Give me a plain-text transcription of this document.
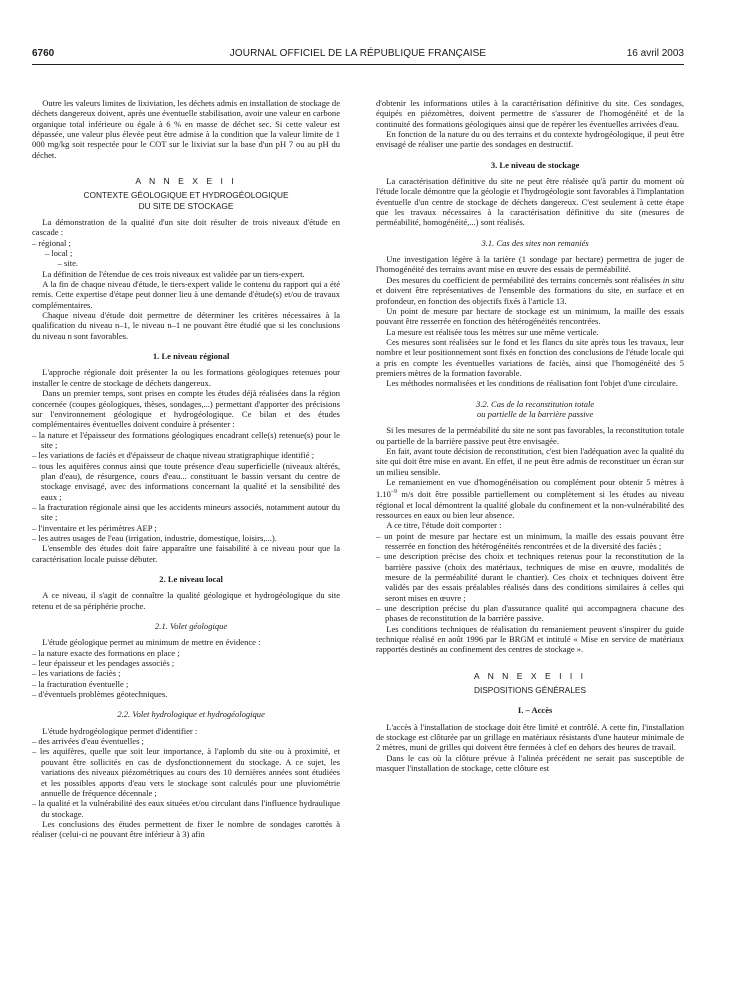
6760	JOURNAL OFFICIEL DE LA RÉPUBLIQUE FRANÇAISE	16 avril 2003

Outre les valeurs limites de lixiviation, les déchets admis en installation de stockage de déchets dangereux doivent, après une éventuelle stabilisation, avoir une valeur en carbone organique total inférieure ou égale à 6 % en masse de déchet sec. Si cette valeur est dépassée, une valeur plus élevée peut être admise à la condition que la valeur limite de 1 000 mg/kg soit respectée pour le COT sur le lixiviat sur la base d'un pH 7 ou au pH du déchet.

A N N E X E I I
CONTEXTE GÉOLOGIQUE ET HYDROGÉOLOGIQUE
DU SITE DE STOCKAGE

La démonstration de la qualité d'un site doit résulter de trois niveaux d'étude en cascade :

– régional ;

– local ;

– site.

La définition de l'étendue de ces trois niveaux est validée par un tiers-expert.

A la fin de chaque niveau d'étude, le tiers-expert valide le contenu du rapport qui a été remis. Cette expertise d'étape peut donner lieu à une demande d'étude(s) et/ou de travaux complémentaires.

Chaque niveau d'étude doit permettre de déterminer les critères nécessaires à la qualification du niveau n–1, le niveau n–1 ne pouvant être étudié que si les conclusions du niveau n sont favorables.

1. Le niveau régional

L'approche régionale doit présenter la ou les formations géologiques retenues pour installer le centre de stockage de déchets dangereux.

Dans un premier temps, sont prises en compte les études déjà réalisées dans la région concernée (coupes géologiques, thèses, sondages,...) permettant d'apporter des précisions sur l'environnement géologique et hydrogéologique. Ce bilan et des études complémentaires éventuelles doivent conduire à présenter :

– la nature et l'épaisseur des formations géologiques encadrant celle(s) retenue(s) pour le site ;

– les variations de faciès et d'épaisseur de chaque niveau stratigraphique identifié ;

– tous les aquifères connus ainsi que toute présence d'eau superficielle (niveaux altérés, plan d'eau), de résurgence, cours d'eau... constituant le bassin versant du centre de stockage envisagé, avec des informations concernant la qualité et la sensibilité des eaux ;

– la fracturation régionale ainsi que les accidents mineurs associés, notamment autour du site ;

– l'inventaire et les périmètres AEP ;

– les autres usages de l'eau (irrigation, industrie, domestique, loisirs,...).

L'ensemble des études doit faire apparaître une faisabilité à ce niveau pour que la caractérisation locale puisse débuter.

2. Le niveau local

A ce niveau, il s'agit de connaître la qualité géologique et hydrogéologique du site retenu et de sa périphérie proche.

2.1. Volet géologique

L'étude géologique permet au minimum de mettre en évidence :

– la nature exacte des formations en place ;

– leur épaisseur et les pendages associés ;

– les variations de faciès ;

– la fracturation éventuelle ;

– d'éventuels problèmes géotechniques.

2.2. Volet hydrologique et hydrogéologique

L'étude hydrogéologique permet d'identifier :

– des arrivées d'eau éventuelles ;

– les aquifères, quelle que soit leur importance, à l'aplomb du site ou à proximité, et pouvant être sollicités en cas de dysfonctionnement du stockage. A ce sujet, les variations des niveaux piézométriques au cours des 10 dernières années sont étudiées et les possibles apports d'eau vers le stockage sont calculés pour une pluviométrie annuelle de fréquence décennale ;

– la qualité et la vulnérabilité des eaux situées et/ou circulant dans l'influence hydraulique du stockage.

Les conclusions des études permettent de fixer le nombre de sondages carottés à réaliser (celui-ci ne pouvant être inférieur à 3) afin

d'obtenir les informations utiles à la caractérisation définitive du site. Ces sondages, équipés en piézomètres, doivent permettre de s'assurer de l'homogénéité et de la continuité des formations géologiques ainsi que de repérer les éventuelles arrivées d'eau.

En fonction de la nature du ou des terrains et du contexte hydrogéologique, il peut être envisagé de réaliser une partie des sondages en destructif.

3. Le niveau de stockage

La caractérisation définitive du site ne peut être réalisée qu'à partir du moment où l'étude locale démontre que la géologie et l'hydrogéologie sont favorables à l'implantation éventuelle d'un centre de stockage de déchets dangereux. C'est seulement à cette étape que les travaux nécessaires à la caractérisation définitive du site (mesures de perméabilité, homogénéité,...) sont réalisés.

3.1. Cas des sites non remaniés

Une investigation légère à la tarière (1 sondage par hectare) permettra de juger de l'homogénéité des terrains avant mise en œuvre des essais de perméabilité.

Des mesures du coefficient de perméabilité des terrains concernés sont réalisées in situ et doivent être représentatives de l'ensemble des formations du site, en surface et en profondeur, en fonction des objectifs fixés à l'article 13.

Un point de mesure par hectare de stockage est un minimum, la maille des essais pouvant être resserrée en fonction des hétérogénéités rencontrées.

La mesure est réalisée tous les mètres sur une même verticale.

Ces mesures sont réalisées sur le fond et les flancs du site après tous les travaux, leur nombre et leur positionnement sont fixés en fonction des conclusions de l'étude locale qui a pris en compte les éventuelles variations de faciès, ainsi que l'homogénéité des 5 premiers mètres de la formation favorable.

Les méthodes normalisées et les conditions de réalisation font l'objet d'une circulaire.

3.2. Cas de la reconstitution totale

ou partielle de la barrière passive

Si les mesures de la perméabilité du site ne sont pas favorables, la reconstitution totale ou partielle de la barrière passive peut être envisagée.

En fait, avant toute décision de reconstitution, c'est bien l'adéquation avec la qualité du site qui doit être mise en avant. En effet, il ne peut être admis de reconstituer un écran sur un milieu sensible.

Le remaniement en vue d'homogénéisation ou complément pour obtenir 5 mètres à $1.10^{-9}$ m/s doit être possible partiellement ou complètement si les études au niveau régional et local démontrent la qualité globale du confinement et la non-vulnérabilité des ressources en eaux ou bien leur absence.

A ce titre, l'étude doit comporter :

– un point de mesure par hectare est un minimum, la maille des essais pouvant être resserrée en fonction des hétérogénéités rencontrées et de la diversité des faciès ;

– une description précise des choix et techniques retenus pour la reconstitution de la barrière passive (choix des matériaux, techniques de mise en œuvre, modalités de mesure de la perméabilité durant le chantier). Ces choix et techniques doivent être validés par des essais préalables réalisés dans des conditions similaires à celles qui seront mises en œuvre ;

– une description précise du plan d'assurance qualité qui accompagnera chacune des phases de reconstitution de la barrière passive.

Les conditions techniques de réalisation du remaniement peuvent s'inspirer du guide technique réalisé en août 1996 par le BRGM et intitulé « Mise en service de matériaux rapportés destinés au confinement des centres de stockage ».

A N N E X E I I I
DISPOSITIONS GÉNÉRALES

I. – Accès

L'accès à l'installation de stockage doit être limité et contrôlé. A cette fin, l'installation de stockage est clôturée par un grillage en matériaux résistants d'une hauteur minimale de 2 mètres, muni de grilles qui doivent être fermées à clef en dehors des heures de travail.

Dans le cas où la clôture prévue à l'alinéa précédent ne serait pas susceptible de masquer l'installation de stockage, cette clôture est
